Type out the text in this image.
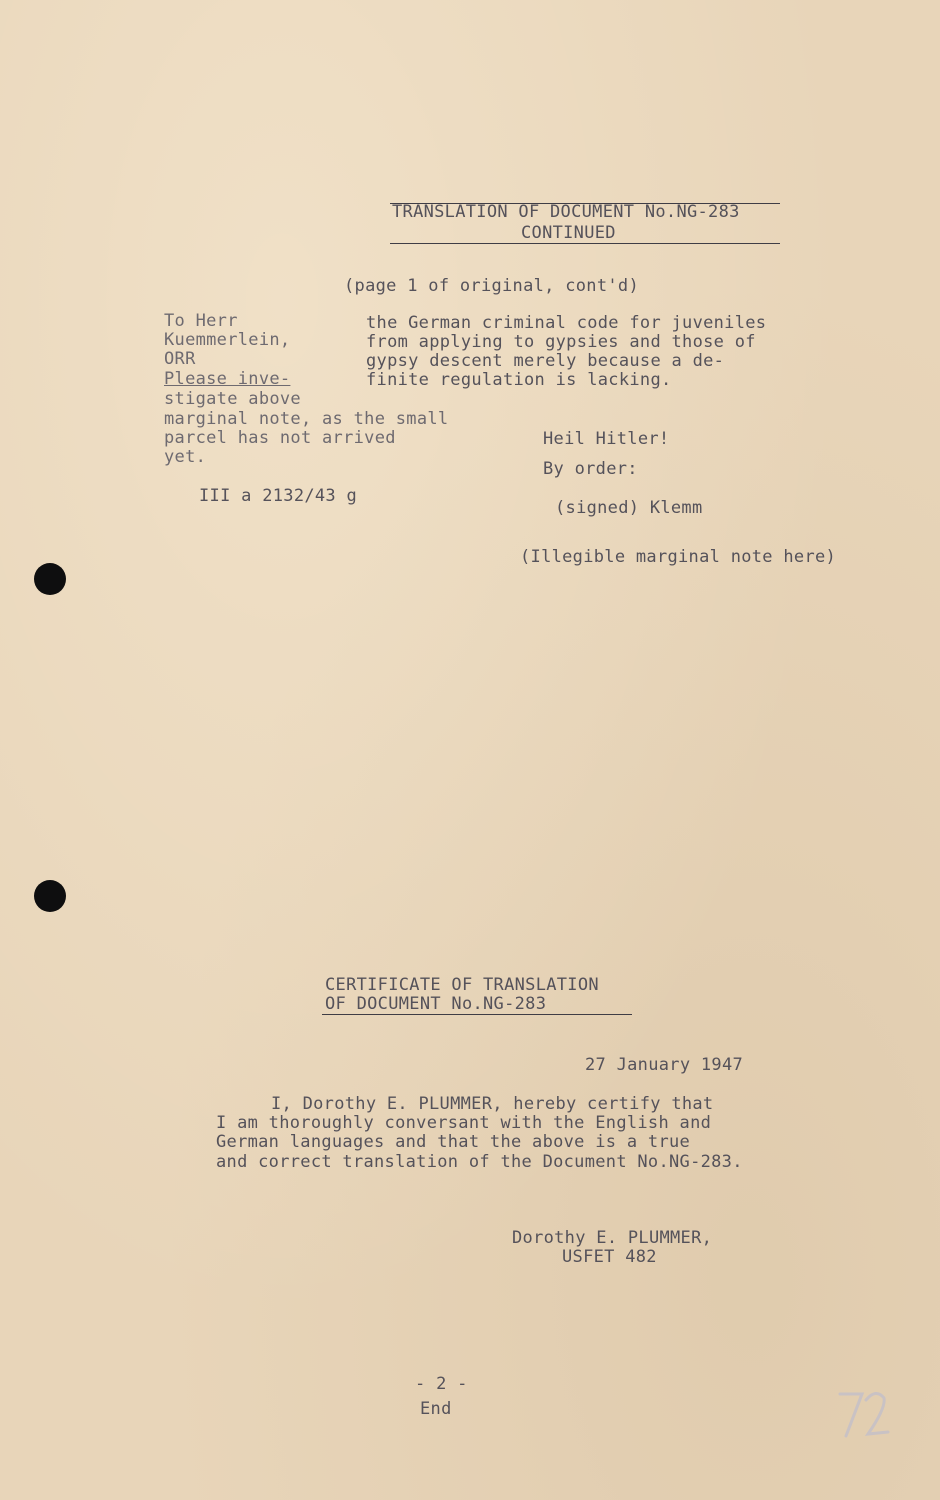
TRANSLATION OF DOCUMENT No.NG-283
CONTINUED
(page 1 of original, cont'd)
To Herr
Kuemmerlein,
ORR
Please inve-
stigate above
marginal note, as the small
parcel has not arrived
yet.
the German criminal code for juveniles
from applying to gypsies and those of
gypsy descent merely because a de-
finite regulation is lacking.
Heil Hitler!
By order:
III a 2132/43 g
(signed) Klemm
(Illegible marginal note here)
CERTIFICATE OF TRANSLATION
OF DOCUMENT No.NG-283
27 January 1947
I, Dorothy E. PLUMMER, hereby certify that
I am thoroughly conversant with the English and
German languages and that the above is a true
and correct translation of the Document No.NG-283.
Dorothy E. PLUMMER,
USFET 482
- 2 -
End
